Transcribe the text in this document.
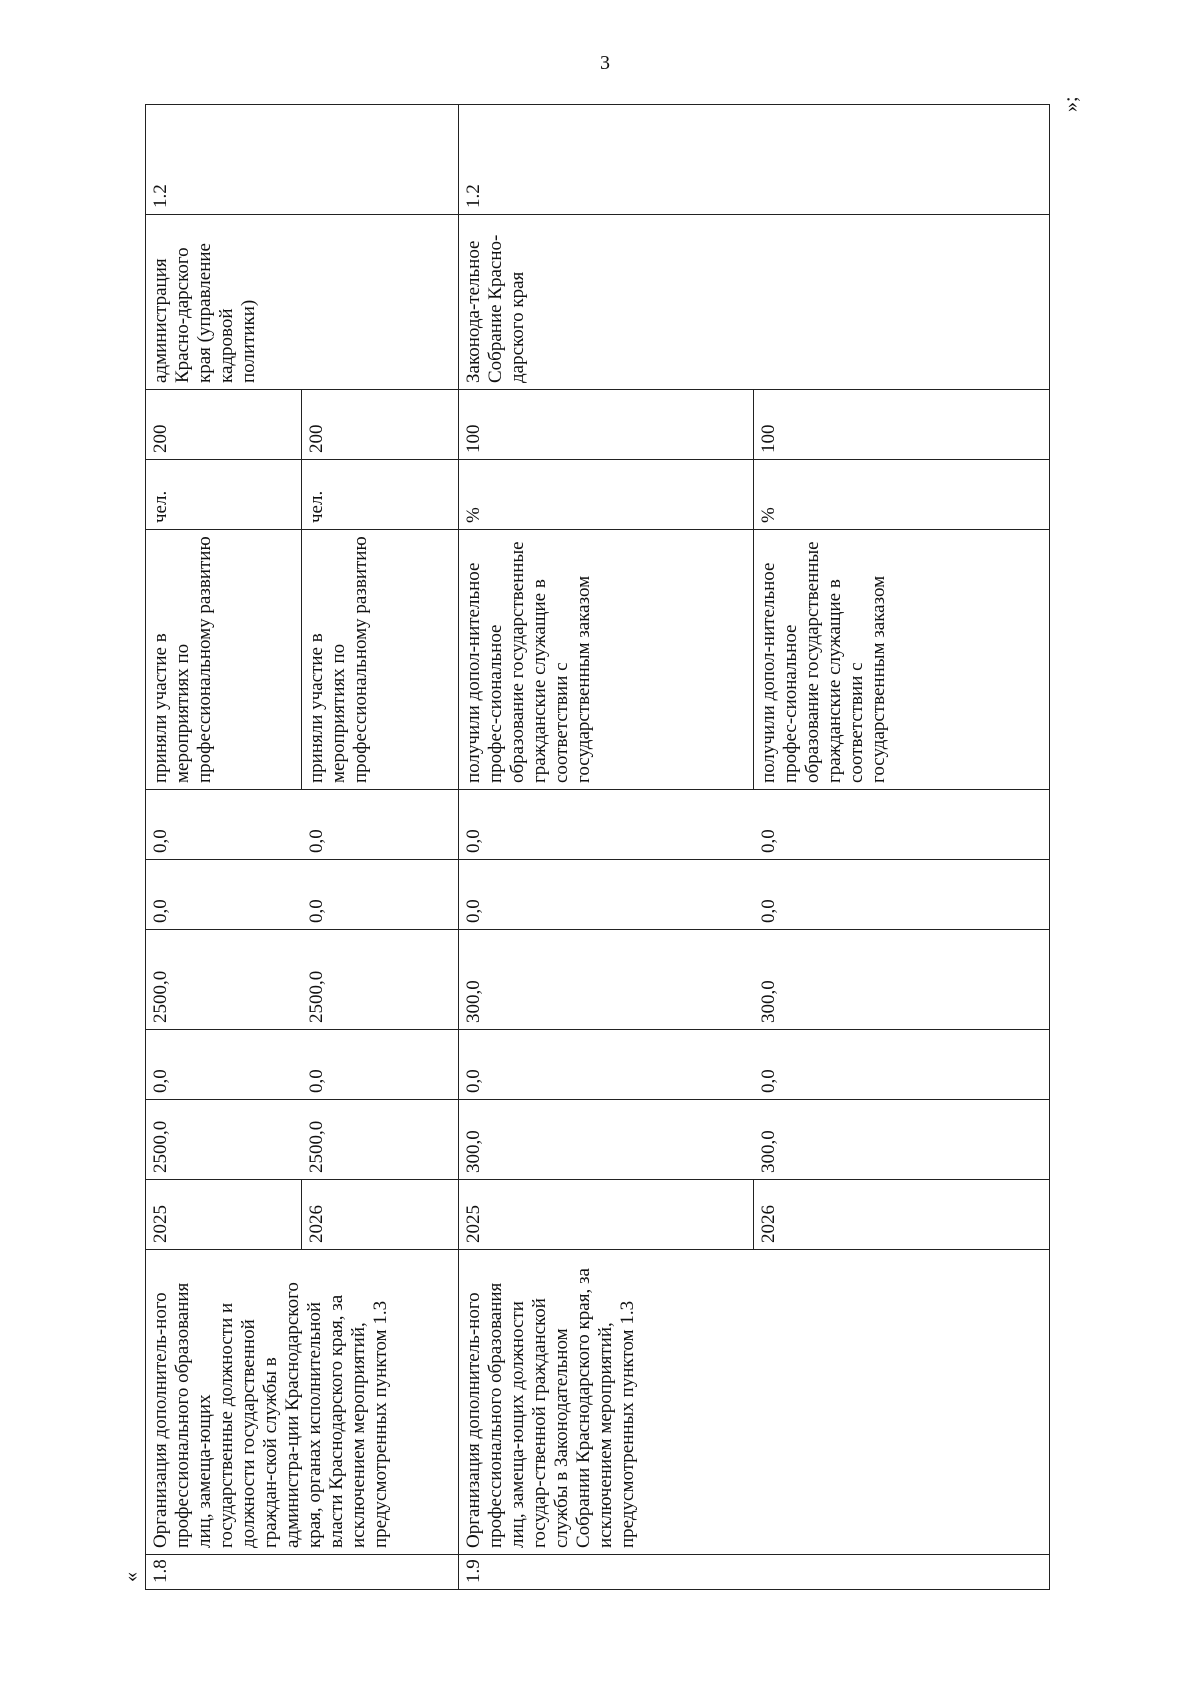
3
«
»;
1.8	Организация дополнитель-ного профессионального образования лиц, замеща-ющих государственные должности и должности государственной граждан-ской службы в администра-ции Краснодарского края, органах исполнительной власти Краснодарского края, за исключением мероприятий, предусмотренных пунктом 1.3	2025	2500,0	0,0	2500,0	0,0	0,0	приняли участие в мероприятиях по профессиональному развитию	чел.	200	администрация Красно-дарского края (управление кадровой политики)	1.2
		2026	2500,0	0,0	2500,0	0,0	0,0	приняли участие в мероприятиях по профессиональному развитию	чел.	200		
1.9	Организация дополнитель-ного профессионального образования лиц, замеща-ющих должности государ-ственной гражданской службы в Законодательном Собрании Краснодарского края, за исключением мероприятий, предусмотренных пунктом 1.3	2025	300,0	0,0	300,0	0,0	0,0	получили допол-нительное профес-сиональное образование государственные гражданские служащие в соответствии с государственным заказом	%	100	Законода-тельное Собрание Красно-дарского края	1.2
		2026	300,0	0,0	300,0	0,0	0,0	получили допол-нительное профес-сиональное образование государственные гражданские служащие в соответствии с государственным заказом	%	100		
